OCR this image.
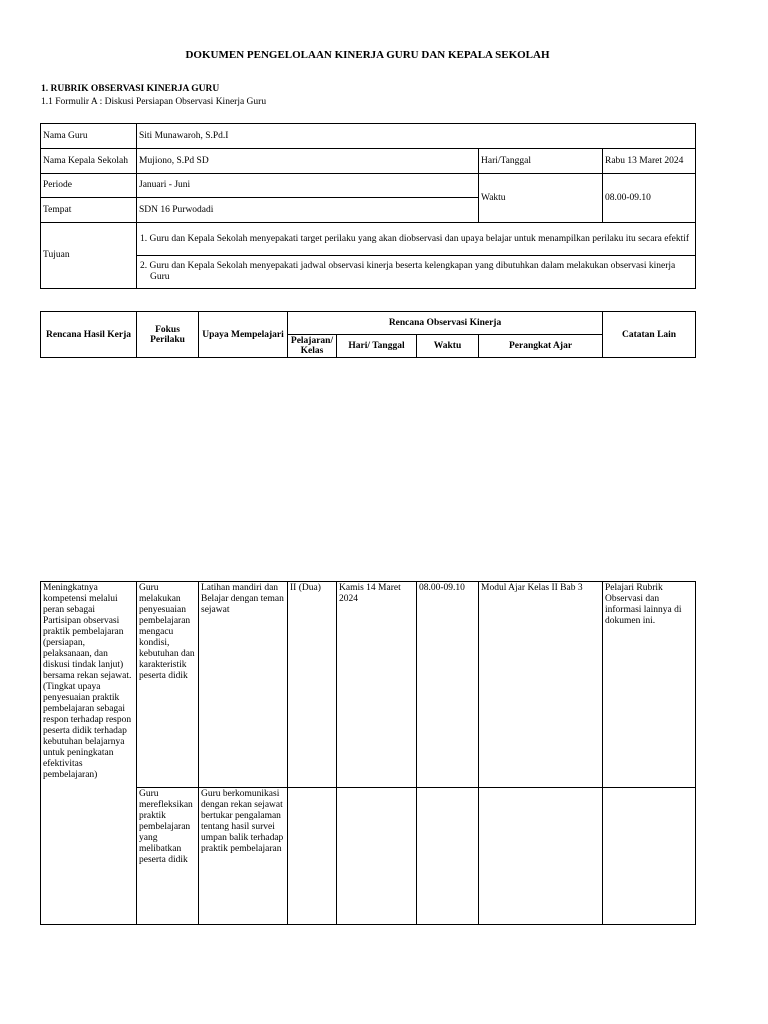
DOKUMEN PENGELOLAAN KINERJA GURU DAN KEPALA SEKOLAH
1. RUBRIK OBSERVASI KINERJA GURU
1.1 Formulir A : Diskusi Persiapan Observasi Kinerja Guru
Nama Guru	Siti Munawaroh, S.Pd.I		
Nama Kepala Sekolah	Mujiono, S.Pd SD	Hari/Tanggal	Rabu 13 Maret 2024
Periode	Januari - Juni	Waktu	08.00-09.10
Tempat	SDN 16 Purwodadi		
Tujuan	1. Guru dan Kepala Sekolah menyepakati target perilaku yang akan diobservasi dan upaya belajar untuk menampilkan perilaku itu secara efektif		

	2. Guru dan Kepala Sekolah menyepakati jadwal observasi kinerja beserta kelengkapan yang dibutuhkan dalam melakukan observasi kinerja Guru		
Rencana Hasil Kerja	Fokus Perilaku	Upaya Mempelajari	Rencana Observasi Kinerja				Catatan Lain
			Pelajaran/ Kelas	Hari/ Tanggal	Waktu	Perangkat Ajar	
Meningkatnya kompetensi melalui peran sebagai Partisipan observasi praktik pembelajaran (persiapan, pelaksanaan, dan diskusi tindak lanjut) bersama rekan sejawat. (Tingkat upaya penyesuaian praktik pembelajaran sebagai respon terhadap respon peserta didik terhadap kebutuhan belajarnya untuk peningkatan efektivitas pembelajaran)	Guru melakukan penyesuaian pembelajaran mengacu kondisi, kebutuhan dan karakteristik peserta didik	Latihan mandiri dan Belajar dengan teman sejawat	II (Dua)	Kamis 14 Maret 2024	08.00-09.10	Modul Ajar Kelas II Bab 3	Pelajari Rubrik Observasi dan informasi lainnya di dokumen ini.
	Guru merefleksikan praktik pembelajaran yang melibatkan peserta didik	Guru berkomunikasi dengan rekan sejawat bertukar pengalaman tentang hasil survei umpan balik terhadap praktik pembelajaran					
